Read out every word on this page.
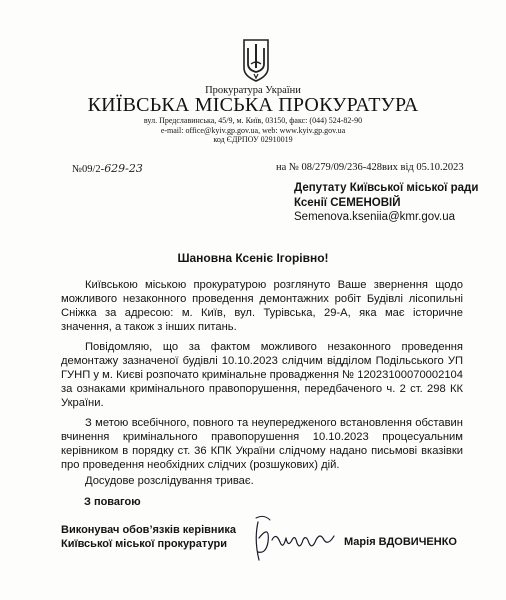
Прокуратура України
КИЇВСЬКА МІСЬКА ПРОКУРАТУРА
вул. Предславинська, 45/9, м. Київ, 03150, факс: (044) 524-82-90
e-mail: office@kyiv.gp.gov.ua, web: www.kyiv.gp.gov.ua
код ЄДРПОУ 02910019
№09/2-629-23	на № 08/279/09/236-428вих від 05.10.2023
Депутату Київської міської ради
Ксенії СЕМЕНОВІЙ
Semenova.kseniia@kmr.gov.ua
Шановна Ксеніє Ігорівно!
Київською міською прокуратурою розглянуто Ваше звернення щодо можливого незаконного проведення демонтажних робіт Будівлі лісопильні Сніжка за адресою: м. Київ, вул. Турівська, 29-А, яка має історичне значення, а також з інших питань.
Повідомляю, що за фактом можливого незаконного проведення демонтажу зазначеної будівлі 10.10.2023 слідчим відділом Подільського УП ГУНП у м. Києві розпочато кримінальне провадження № 12023100070002104 за ознаками кримінального правопорушення, передбаченого ч. 2 ст. 298 КК України.
З метою всебічного, повного та неупередженого встановлення обставин вчинення кримінального правопорушення 10.10.2023 процесуальним керівником в порядку ст. 36 КПК України слідчому надано письмові вказівки про проведення необхідних слідчих (розшукових) дій.
Досудове розслідування триває.
З повагою
Виконувач обов’язків керівника
Київської міської прокуратури	Марія ВДОВИЧЕНКО
